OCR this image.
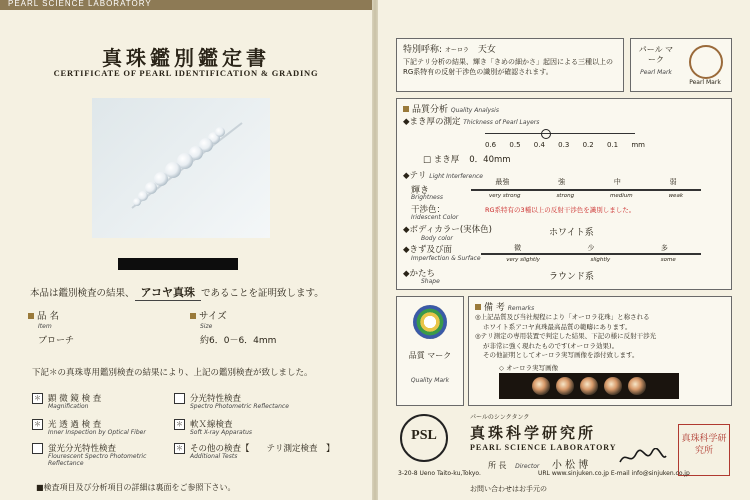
PEARL SCIENCE LABORATORY
真珠鑑別鑑定書
CERTIFICATE OF PEARL IDENTIFICATION & GRADING
本品は鑑別検査の結果、 アコヤ真珠 であることを証明致します。
品 名
Item
ブローチ
サイズ
Size
約6．0－6．4mm
下記＊の真珠専用鑑別検査の結果により、上記の鑑別検査が致しました。
＊ 顕 微 鏡 検 査
Magnification
分光特性検査
Spectro Photometric Reflectance
＊ 光 透 過 検 査
Inner Inspection by Optical Fiber
＊ 軟Ｘ線検査
Soft X-ray Apparatus
蛍光分光特性検査
Flourescent Spectro Photometric Reflectance
＊ その他の検査【　　テリ測定検査　】
Additional Tests
■検査項目及び分析項目の詳細は裏面をご参照下さい。
特別呼称: オーロラ 天女
下記テリ分析の結果、輝き「きめの細かさ」起因による三種以上のRG系特有の反射干渉色の識別が確認されます。
パール マーク
Pearl Mark
Pearl Mark
品質分析 Quality Analysis
◆まき厚の測定 Thickness of Pearl Layers
0.6 0.5 0.4 0.3 0.2 0.1 mm
□ まき厚 0．40mm
◆テリ Light Interference
輝き
Brightness
最強	強	中	弱
very strong	strong	medium	weak
干渉色：
Iridescent Color
RG系特有の3種以上の反射干渉色を識別しました。
◆ボディカラー(実体色)
Body color
ホワイト系
◆きず及び面
Imperfection & Surface
微	少	多
very slightly	slightly	some
◆かたち
Shape	ラウンド系
品質 マーク
Quality Mark
備 考 Remarks
◎上記品質及び当社規程により「オーロラ花珠」と称される
ホワイト系アコヤ真珠最高品質の範疇にあります。
◎テリ測定の専用装置で判定した結果、下記の様に反射干渉光
が非常に強く現れたものです(オーロラ効果)。
その他証明としてオーロラ実写画像を添付致します。
◇ オーロラ実写画像
PSL
パールのシンクタンク
真珠科学研究所
PEARL SCIENCE LABORATORY
所 長 Director 小 松 博
真珠科学研究所
3-20-8 Ueno Taito-ku,Tokyo.	URL www.sinjuken.co.jp E-mail info@sinjuken.co.jp
お問い合わせはお手元の
